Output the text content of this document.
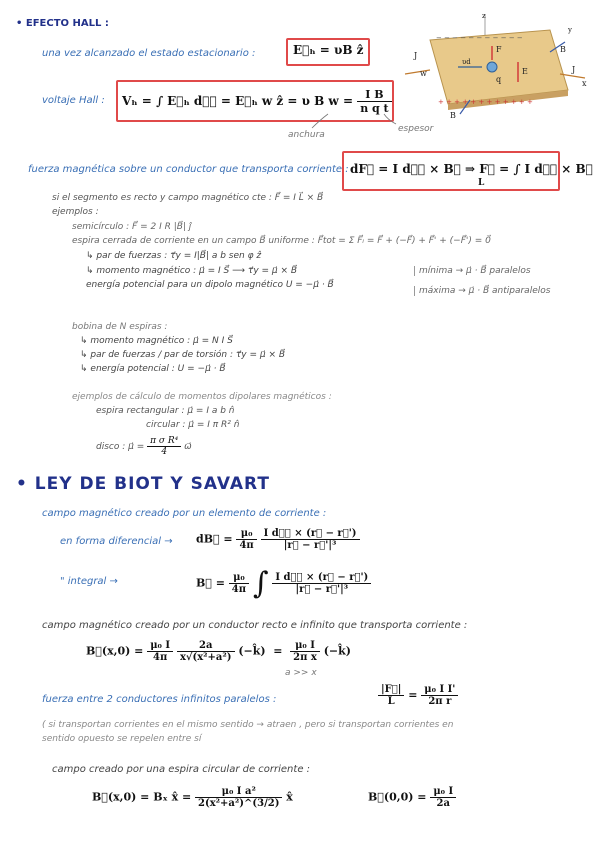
• EFECTO HALL :
una vez alcanzado el estado estacionario :	E⃗ₕ = υB ẑ
+ + + + + + + + + + + +
− − − − − − − − − − −
J
B
F
E	J
B
q	x
w
υd
z
y
voltaje Hall : Vₕ = ∫ E⃗ₕ dℓ⃗ = E⃗ₕ w ẑ = υ B $w = \frac{\text{I B}}{\text{n q t}}$
anchura
espesor
fuerza magnética sobre un conductor que transporta corriente : dF⃗ = I dℓ⃗ × B⃗ ⇒ F⃗ = ∫ I dℓ⃗ × B⃗
L
si el segmento es recto y campo magnético cte : F⃗ = I L⃗ × B⃗
ejemplos :
semicírculo : F⃗ = 2 I R |B⃗| ĵ
espira cerrada de corriente en un campo B⃗ uniforme : F⃗tot = Σ F⃗ᵢ = F⃗ + (−F⃗) + F⃗' + (−F⃗') = 0⃗
↳ par de fuerzas : τ⃗y = I|B⃗| a b sen φ ẑ
↳ momento magnético : μ⃗ = I S⃗ ⟶ τ⃗y = μ⃗ × B⃗
energía potencial para un dipolo magnético U = −μ⃗ · B⃗
mínima → μ⃗ · B⃗ paralelos
máxima → μ⃗ · B⃗ antiparalelos
bobina de N espiras :
↳ momento magnético : μ⃗ = N I S⃗
↳ par de fuerzas / par de torsión : τ⃗y = μ⃗ × B⃗
↳ energía potencial : U = −μ⃗ · B⃗
ejemplos de cálculo de momentos dipolares magnéticos :
espira rectangular : μ⃗ = I a b n̂
circular : μ⃗ = I π R² n̂
disco : μ⃗ = $\frac{\text{π σ R⁴}}{4}$ ω⃗
• LEY DE BIOT Y SAVART
campo magnético creado por un elemento de corriente :
en forma diferencial → dB⃗ = $\frac{\text{μ₀}}{4\pi}$
$\frac{\text{I dℓ⃗ × (r⃗ − r⃗')}}{\text{|r⃗ − r⃗'|³}}$
" integral →	B⃗ = $\frac{\text{μ₀}}{4\pi}$ ∫ $\frac{\text{I dℓ⃗ × (r⃗ − r⃗')}}{\text{|r⃗ − r⃗'|³}}$
campo magnético creado por un conductor recto e infinito que transporta corriente :
B⃗(x,0) = $\frac{\text{μ₀ I}}{4\pi}$
$\frac{2a}{\text{x√(x²+a²)}}$ (−k̂)  = $\frac{\text{μ₀ I}}{\text{2π x}}$ (−k̂)
a >> x
fuerza entre 2 conductores infinitos paralelos :	$\frac{|F⃗|}{L} = \frac{\text{μ₀ I I'}}{\text{2π r}}$
( si transportan corrientes en el mismo sentido → atraen , pero si transportan corrientes en
sentido opuesto se repelen entre sí
campo creado por una espira circular de corriente :
B⃗(x,0) = Bₓ x̂ = $\frac{\text{μ₀ I a²}}{\text{2(x²+a²)\textasciicircum{}(3/2)}}$ x̂	B⃗(0,0) = $\frac{\text{μ₀ I}}{2a}$
